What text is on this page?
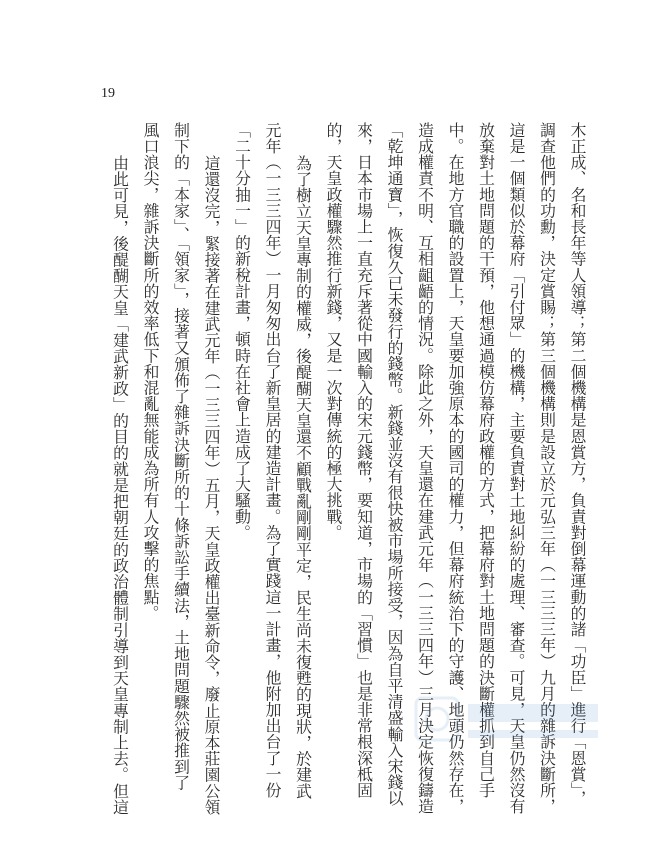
19
木正成、名和長年等人領導；第二個機構是恩賞方，負責對倒幕運動的諸「功臣」進行「恩賞」，
調查他們的功勳，決定賞賜；第三個機構則是設立於元弘三年（一三三三年）九月的雜訴決斷所，
這是一個類似於幕府「引付眾」的機構，主要負責對土地糾紛的處理、審查。可見，天皇仍然沒有
放棄對土地問題的干預，他想通過模仿幕府政權的方式，把幕府對土地問題的決斷權抓到自己手
中。在地方官職的設置上，天皇要加強原本的國司的權力，但幕府統治下的守護、地頭仍然存在，
造成權責不明、互相齟齬的情況。除此之外，天皇還在建武元年（一三三四年）三月決定恢復鑄造
「乾坤通寶」，恢復久已未發行的錢幣。新錢並沒有很快被市場所接受，因為自平清盛輸入宋錢以
來，日本市場上一直充斥著從中國輸入的宋元錢幣，要知道，市場的「習慣」也是非常根深柢固
的，天皇政權驟然推行新錢，又是一次對傳統的極大挑戰。
為了樹立天皇專制的權威，後醍醐天皇還不顧戰亂剛剛平定，民生尚未復甦的現狀，於建武
元年（一三三四年）一月匆匆出台了新皇居的建造計畫。為了實踐這一計畫，他附加出台了一份
「二十分抽一」的新稅計畫，頓時在社會上造成了大騷動。
這還沒完，緊接著在建武元年（一三三四年）五月，天皇政權出臺新命令，廢止原本莊園公領
制下的「本家」、「領家」，接著又頒佈了雜訴決斷所的十條訴訟手續法，土地問題驟然被推到了
風口浪尖，雜訴決斷所的效率低下和混亂無能成為所有人攻擊的焦點。
由此可見，後醍醐天皇「建武新政」的目的就是把朝廷的政治體制引導到天皇專制上去。但這
